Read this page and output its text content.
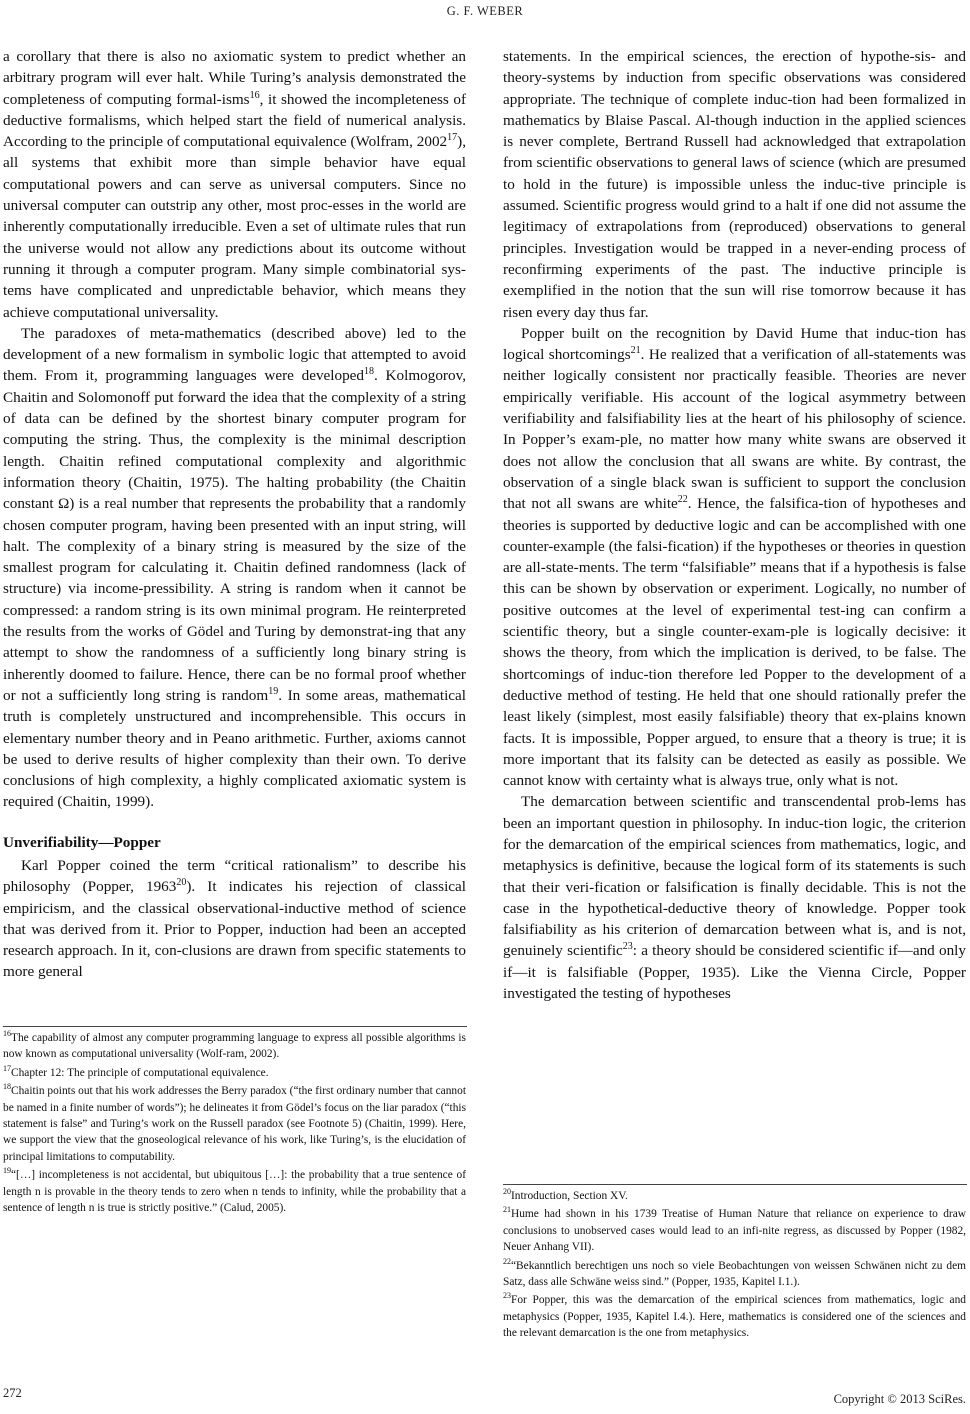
G. F. WEBER

a corollary that there is also no axiomatic system to predict whether an arbitrary program will ever halt. While Turing’s analysis demonstrated the completeness of computing formal-isms$^{16}$, it showed the incompleteness of deductive formalisms, which helped start the field of numerical analysis. According to the principle of computational equivalence (Wolfram, 2002$^{17}$), all systems that exhibit more than simple behavior have equal computational powers and can serve as universal computers. Since no universal computer can outstrip any other, most proc-esses in the world are inherently computationally irreducible. Even a set of ultimate rules that run the universe would not allow any predictions about its outcome without running it through a computer program. Many simple combinatorial sys-tems have complicated and unpredictable behavior, which means they achieve computational universality.

The paradoxes of meta-mathematics (described above) led to the development of a new formalism in symbolic logic that attempted to avoid them. From it, programming languages were developed$^{18}$. Kolmogorov, Chaitin and Solomonoff put forward the idea that the complexity of a string of data can be defined by the shortest binary computer program for computing the string. Thus, the complexity is the minimal description length. Chaitin refined computational complexity and algorithmic information theory (Chaitin, 1975). The halting probability (the Chaitin constant Ω) is a real number that represents the probability that a randomly chosen computer program, having been presented with an input string, will halt. The complexity of a binary string is measured by the size of the smallest program for calculating it. Chaitin defined randomness (lack of structure) via income-pressibility. A string is random when it cannot be compressed: a random string is its own minimal program. He reinterpreted the results from the works of Gödel and Turing by demonstrat-ing that any attempt to show the randomness of a sufficiently long binary string is inherently doomed to failure. Hence, there can be no formal proof whether or not a sufficiently long string is random$^{19}$. In some areas, mathematical truth is completely unstructured and incomprehensible. This occurs in elementary number theory and in Peano arithmetic. Further, axioms cannot be used to derive results of higher complexity than their own. To derive conclusions of high complexity, a highly complicated axiomatic system is required (Chaitin, 1999).

Unverifiability—Popper

Karl Popper coined the term “critical rationalism” to describe his philosophy (Popper, 1963$^{20}$). It indicates his rejection of classical empiricism, and the classical observational-inductive method of science that was derived from it. Prior to Popper, induction had been an accepted research approach. In it, con-clusions are drawn from specific statements to more general

statements. In the empirical sciences, the erection of hypothe-sis- and theory-systems by induction from specific observations was considered appropriate. The technique of complete induc-tion had been formalized in mathematics by Blaise Pascal. Al-though induction in the applied sciences is never complete, Bertrand Russell had acknowledged that extrapolation from scientific observations to general laws of science (which are presumed to hold in the future) is impossible unless the induc-tive principle is assumed. Scientific progress would grind to a halt if one did not assume the legitimacy of extrapolations from (reproduced) observations to general principles. Investigation would be trapped in a never-ending process of reconfirming experiments of the past. The inductive principle is exemplified in the notion that the sun will rise tomorrow because it has risen every day thus far.

Popper built on the recognition by David Hume that induc-tion has logical shortcomings$^{21}$. He realized that a verification of all-statements was neither logically consistent nor practically feasible. Theories are never empirically verifiable. His account of the logical asymmetry between verifiability and falsifiability lies at the heart of his philosophy of science. In Popper’s exam-ple, no matter how many white swans are observed it does not allow the conclusion that all swans are white. By contrast, the observation of a single black swan is sufficient to support the conclusion that not all swans are white$^{22}$. Hence, the falsifica-tion of hypotheses and theories is supported by deductive logic and can be accomplished with one counter-example (the falsi-fication) if the hypotheses or theories in question are all-state-ments. The term “falsifiable” means that if a hypothesis is false this can be shown by observation or experiment. Logically, no number of positive outcomes at the level of experimental test-ing can confirm a scientific theory, but a single counter-exam-ple is logically decisive: it shows the theory, from which the implication is derived, to be false. The shortcomings of induc-tion therefore led Popper to the development of a deductive method of testing. He held that one should rationally prefer the least likely (simplest, most easily falsifiable) theory that ex-plains known facts. It is impossible, Popper argued, to ensure that a theory is true; it is more important that its falsity can be detected as easily as possible. We cannot know with certainty what is always true, only what is not.

The demarcation between scientific and transcendental prob-lems has been an important question in philosophy. In induc-tion logic, the criterion for the demarcation of the empirical sciences from mathematics, logic, and metaphysics is definitive, because the logical form of its statements is such that their veri-fication or falsification is finally decidable. This is not the case in the hypothetical-deductive theory of knowledge. Popper took falsifiability as his criterion of demarcation between what is, and is not, genuinely scientific$^{23}$: a theory should be considered scientific if—and only if—it is falsifiable (Popper, 1935). Like the Vienna Circle, Popper investigated the testing of hypotheses

$^{16}$The capability of almost any computer programming language to express all possible algorithms is now known as computational universality (Wolf-ram, 2002).

$^{17}$Chapter 12: The principle of computational equivalence.

$^{18}$Chaitin points out that his work addresses the Berry paradox (“the first ordinary number that cannot be named in a finite number of words”); he delineates it from Gödel’s focus on the liar paradox (“this statement is false” and Turing’s work on the Russell paradox (see Footnote 5) (Chaitin, 1999). Here, we support the view that the gnoseological relevance of his work, like Turing’s, is the elucidation of principal limitations to computability.

$^{19}$“[…] incompleteness is not accidental, but ubiquitous […]: the probability that a true sentence of length n is provable in the theory tends to zero when n tends to infinity, while the probability that a sentence of length n is true is strictly positive.” (Calud, 2005).

$^{20}$Introduction, Section XV.

$^{21}$Hume had shown in his 1739 Treatise of Human Nature that reliance on experience to draw conclusions to unobserved cases would lead to an infi-nite regress, as discussed by Popper (1982, Neuer Anhang VII).

$^{22}$“Bekanntlich berechtigen uns noch so viele Beobachtungen von weissen Schwänen nicht zu dem Satz, dass alle Schwäne weiss sind.” (Popper, 1935, Kapitel I.1.).

$^{23}$For Popper, this was the demarcation of the empirical sciences from mathematics, logic and metaphysics (Popper, 1935, Kapitel I.4.). Here, mathematics is considered one of the sciences and the relevant demarcation is the one from metaphysics.

272	Copyright © 2013 SciRes.
